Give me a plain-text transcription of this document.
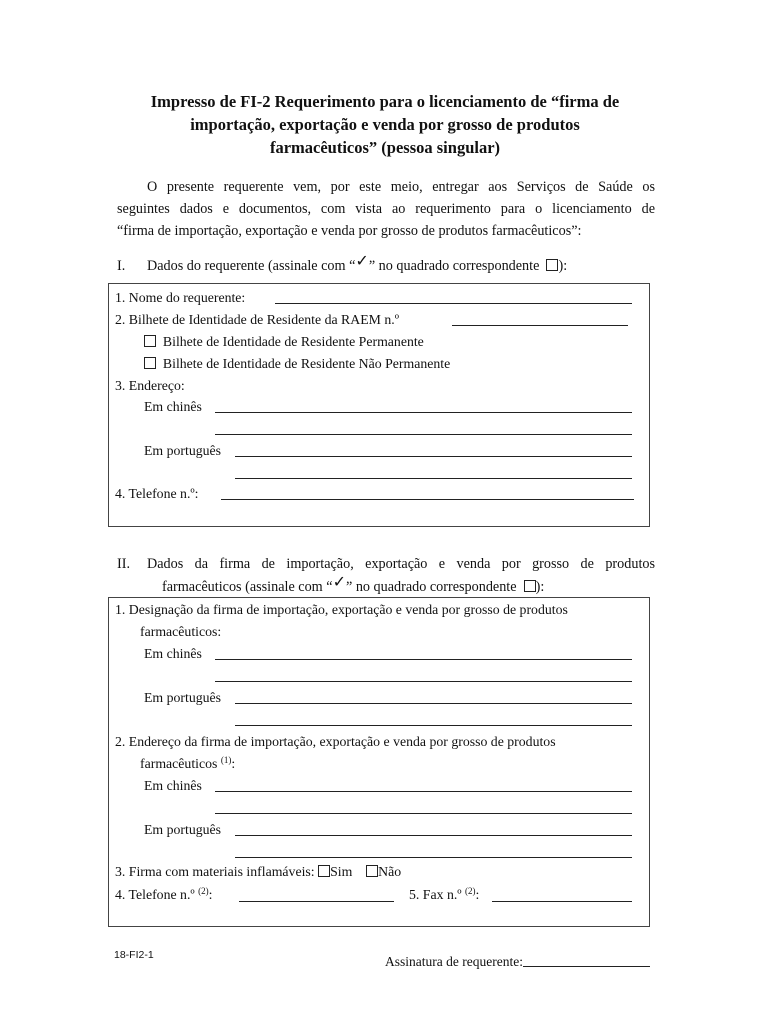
Impresso de FI-2 Requerimento para o licenciamento de “firma de
importação, exportação e venda por grosso de produtos
farmacêuticos” (pessoa singular)
O presente requerente vem, por este meio, entregar aos Serviços de Saúde os
seguintes dados e documentos, com vista ao requerimento para o licenciamento de
“firma de importação, exportação e venda por grosso de produtos farmacêuticos”:
I. Dados do requerente (assinale com “✓” no quadrado correspondente ):
1. Nome do requerente:
2. Bilhete de Identidade de Residente da RAEM n.º
Bilhete de Identidade de Residente Permanente
Bilhete de Identidade de Residente Não Permanente
3. Endereço:
Em chinês
Em português
4. Telefone n.º:
II. Dados da firma de importação, exportação e venda por grosso de produtos
farmacêuticos (assinale com “✓” no quadrado correspondente ):
1. Designação da firma de importação, exportação e venda por grosso de produtos
farmacêuticos:
Em chinês
Em português
2. Endereço da firma de importação, exportação e venda por grosso de produtos
farmacêuticos $^{(1)}$:
Em chinês
Em português
3. Firma com materiais inflamáveis: Sim Não
4. Telefone n.º $^{(2)}$:	5. Fax n.º $^{(2)}$:
18-FI2-1	Assinatura de requerente:
